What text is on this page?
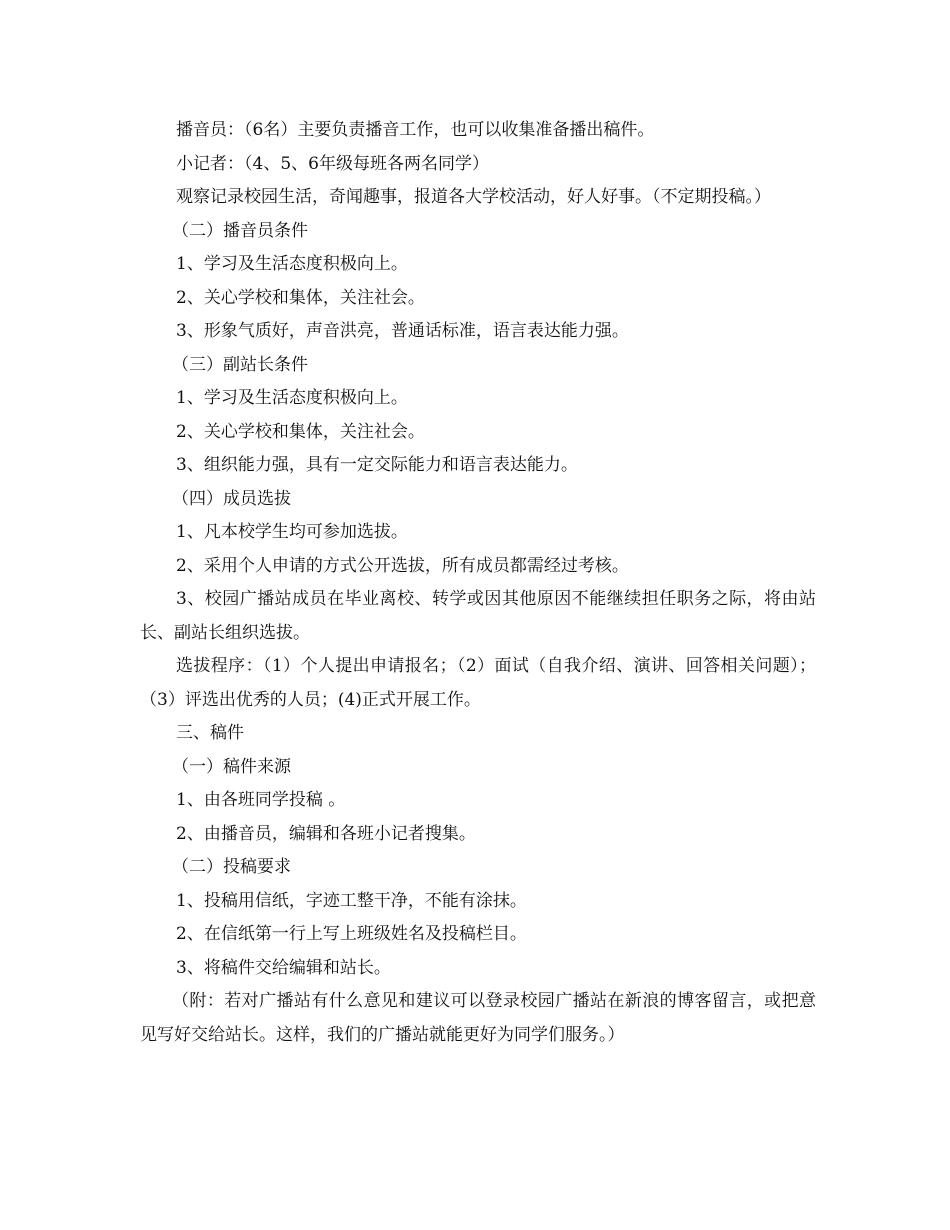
播音员：（6名）主要负责播音工作，也可以收集准备播出稿件。

小记者：（4、5、6年级每班各两名同学）

观察记录校园生活，奇闻趣事，报道各大学校活动，好人好事。（不定期投稿。）

（二）播音员条件

1、学习及生活态度积极向上。

2、关心学校和集体，关注社会。

3、形象气质好，声音洪亮，普通话标准，语言表达能力强。

（三）副站长条件

1、学习及生活态度积极向上。

2、关心学校和集体，关注社会。

3、组织能力强，具有一定交际能力和语言表达能力。

（四）成员选拔

1、凡本校学生均可参加选拔。

2、采用个人申请的方式公开选拔，所有成员都需经过考核。

3、校园广播站成员在毕业离校、转学或因其他原因不能继续担任职务之际，将由站长、副站长组织选拔。

选拔程序：（1）个人提出申请报名；（2）面试（自我介绍、演讲、回答相关问题）；（3）评选出优秀的人员；(4)正式开展工作。

三、稿件

（一）稿件来源

1、由各班同学投稿 。

2、由播音员，编辑和各班小记者搜集。

（二）投稿要求

1、投稿用信纸，字迹工整干净，不能有涂抹。

2、在信纸第一行上写上班级姓名及投稿栏目。

3、将稿件交给编辑和站长。

（附：若对广播站有什么意见和建议可以登录校园广播站在新浪的博客留言，或把意见写好交给站长。这样，我们的广播站就能更好为同学们服务。）
